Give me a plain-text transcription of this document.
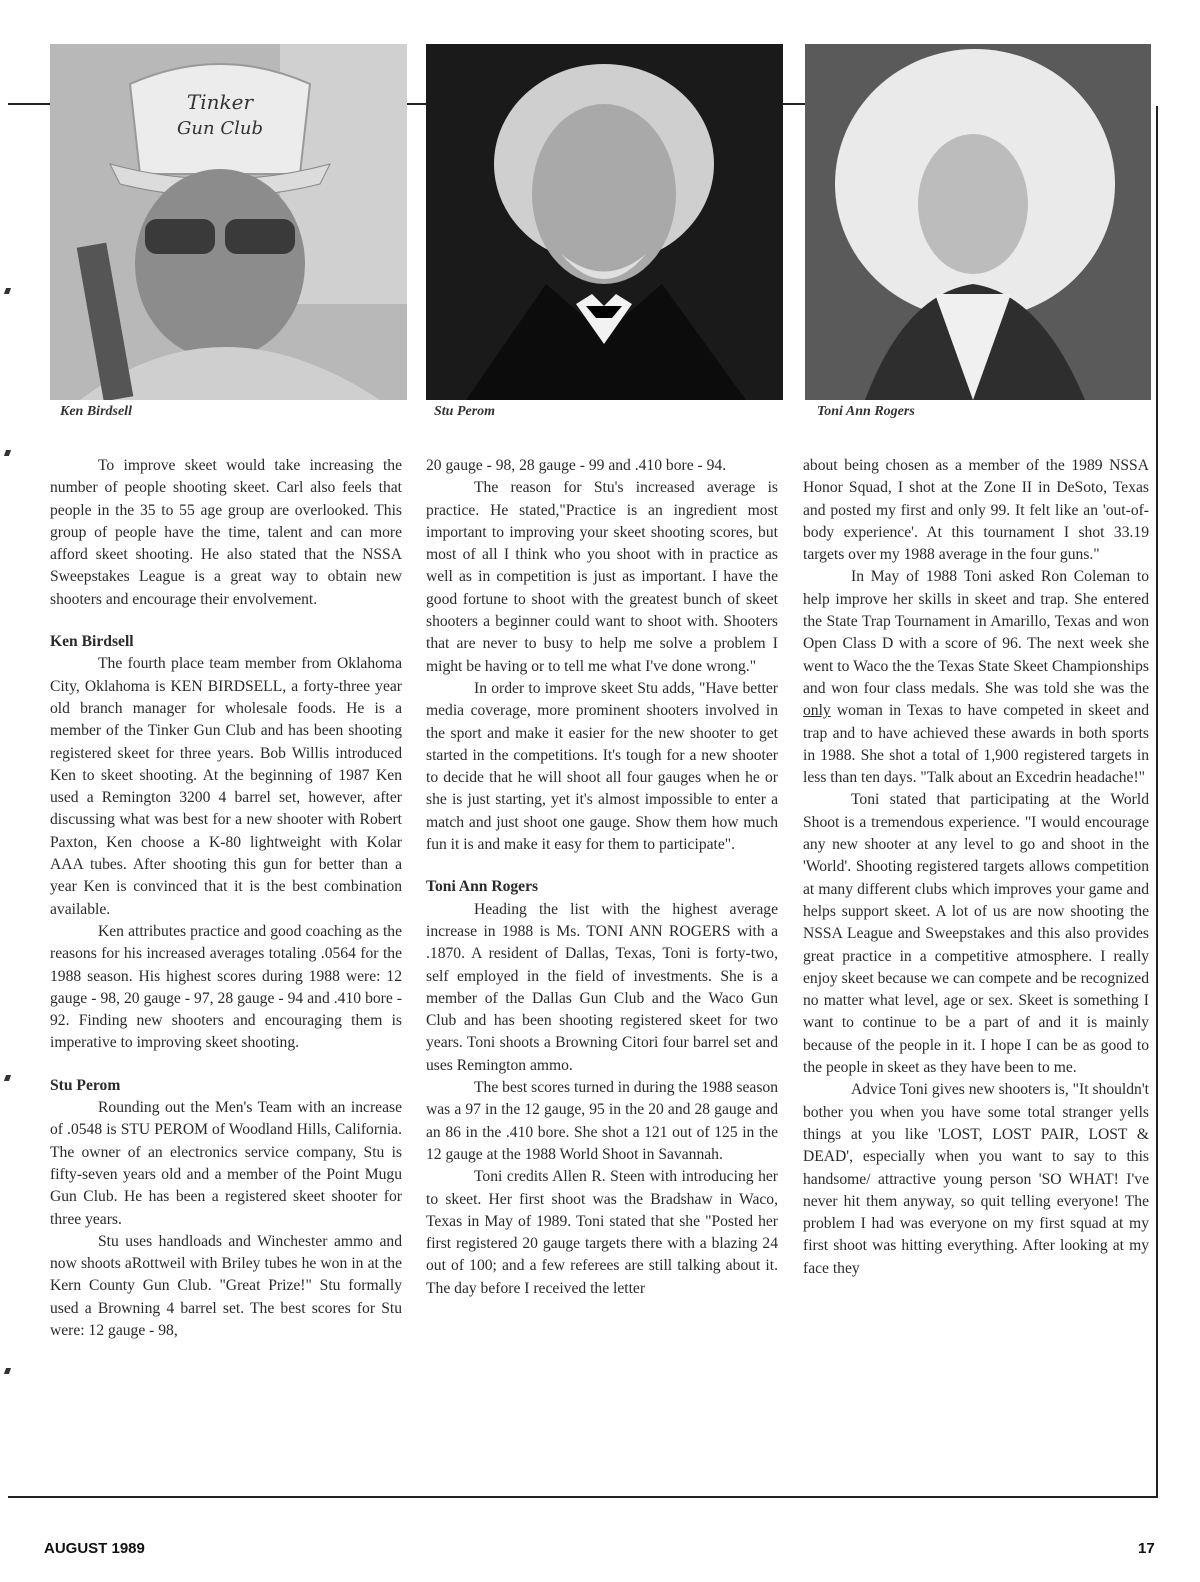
Tinker
Gun Club
Ken Birdsell	Stu Perom	Toni Ann Rogers

To improve skeet would take increasing the number of people shooting skeet. Carl also feels that people in the 35 to 55 age group are overlooked. This group of people have the time, talent and can more afford skeet shooting. He also stated that the NSSA Sweepstakes League is a great way to obtain new shooters and encourage their envolvement.

Ken Birdsell

The fourth place team member from Oklahoma City, Oklahoma is KEN BIRDSELL, a forty-three year old branch manager for wholesale foods. He is a member of the Tinker Gun Club and has been shooting registered skeet for three years. Bob Willis introduced Ken to skeet shooting. At the beginning of 1987 Ken used a Remington 3200 4 barrel set, however, after discussing what was best for a new shooter with Robert Paxton, Ken choose a K-80 lightweight with Kolar AAA tubes. After shooting this gun for better than a year Ken is convinced that it is the best combination available.

Ken attributes practice and good coaching as the reasons for his increased averages totaling .0564 for the 1988 season. His highest scores during 1988 were: 12 gauge - 98, 20 gauge - 97, 28 gauge - 94 and .410 bore - 92. Finding new shooters and encouraging them is imperative to improving skeet shooting.

Stu Perom

Rounding out the Men's Team with an increase of .0548 is STU PEROM of Woodland Hills, California. The owner of an electronics service company, Stu is fifty-seven years old and a member of the Point Mugu Gun Club. He has been a registered skeet shooter for three years.

Stu uses handloads and Winchester ammo and now shoots aRottweil with Briley tubes he won in at the Kern County Gun Club. "Great Prize!" Stu formally used a Browning 4 barrel set. The best scores for Stu were: 12 gauge - 98,

20 gauge - 98, 28 gauge - 99 and .410 bore - 94.

The reason for Stu's increased average is practice. He stated,"Practice is an ingredient most important to improving your skeet shooting scores, but most of all I think who you shoot with in practice as well as in competition is just as important. I have the good fortune to shoot with the greatest bunch of skeet shooters a beginner could want to shoot with. Shooters that are never to busy to help me solve a problem I might be having or to tell me what I've done wrong."

In order to improve skeet Stu adds, "Have better media coverage, more prominent shooters involved in the sport and make it easier for the new shooter to get started in the competitions. It's tough for a new shooter to decide that he will shoot all four gauges when he or she is just starting, yet it's almost impossible to enter a match and just shoot one gauge. Show them how much fun it is and make it easy for them to participate".

Toni Ann Rogers

Heading the list with the highest average increase in 1988 is Ms. TONI ANN ROGERS with a .1870. A resident of Dallas, Texas, Toni is forty-two, self employed in the field of investments. She is a member of the Dallas Gun Club and the Waco Gun Club and has been shooting registered skeet for two years. Toni shoots a Browning Citori four barrel set and uses Remington ammo.

The best scores turned in during the 1988 season was a 97 in the 12 gauge, 95 in the 20 and 28 gauge and an 86 in the .410 bore. She shot a 121 out of 125 in the 12 gauge at the 1988 World Shoot in Savannah.

Toni credits Allen R. Steen with introducing her to skeet. Her first shoot was the Bradshaw in Waco, Texas in May of 1989. Toni stated that she "Posted her first registered 20 gauge targets there with a blazing 24 out of 100; and a few referees are still talking about it. The day before I received the letter

about being chosen as a member of the 1989 NSSA Honor Squad, I shot at the Zone II in DeSoto, Texas and posted my first and only 99. It felt like an 'out-of-body experience'. At this tournament I shot 33.19 targets over my 1988 average in the four guns."

In May of 1988 Toni asked Ron Coleman to help improve her skills in skeet and trap. She entered the State Trap Tournament in Amarillo, Texas and won Open Class D with a score of 96. The next week she went to Waco the the Texas State Skeet Championships and won four class medals. She was told she was the only woman in Texas to have competed in skeet and trap and to have achieved these awards in both sports in 1988. She shot a total of 1,900 registered targets in less than ten days. "Talk about an Excedrin headache!"

Toni stated that participating at the World Shoot is a tremendous experience. "I would encourage any new shooter at any level to go and shoot in the 'World'. Shooting registered targets allows competition at many different clubs which improves your game and helps support skeet. A lot of us are now shooting the NSSA League and Sweepstakes and this also provides great practice in a competitive atmosphere. I really enjoy skeet because we can compete and be recognized no matter what level, age or sex. Skeet is something I want to continue to be a part of and it is mainly because of the people in it. I hope I can be as good to the people in skeet as they have been to me.

Advice Toni gives new shooters is, "It shouldn't bother you when you have some total stranger yells things at you like 'LOST, LOST PAIR, LOST & DEAD', especially when you want to say to this handsome/ attractive young person 'SO WHAT! I've never hit them anyway, so quit telling everyone! The problem I had was everyone on my first squad at my first shoot was hitting everything. After looking at my face they

AUGUST 1989	17
